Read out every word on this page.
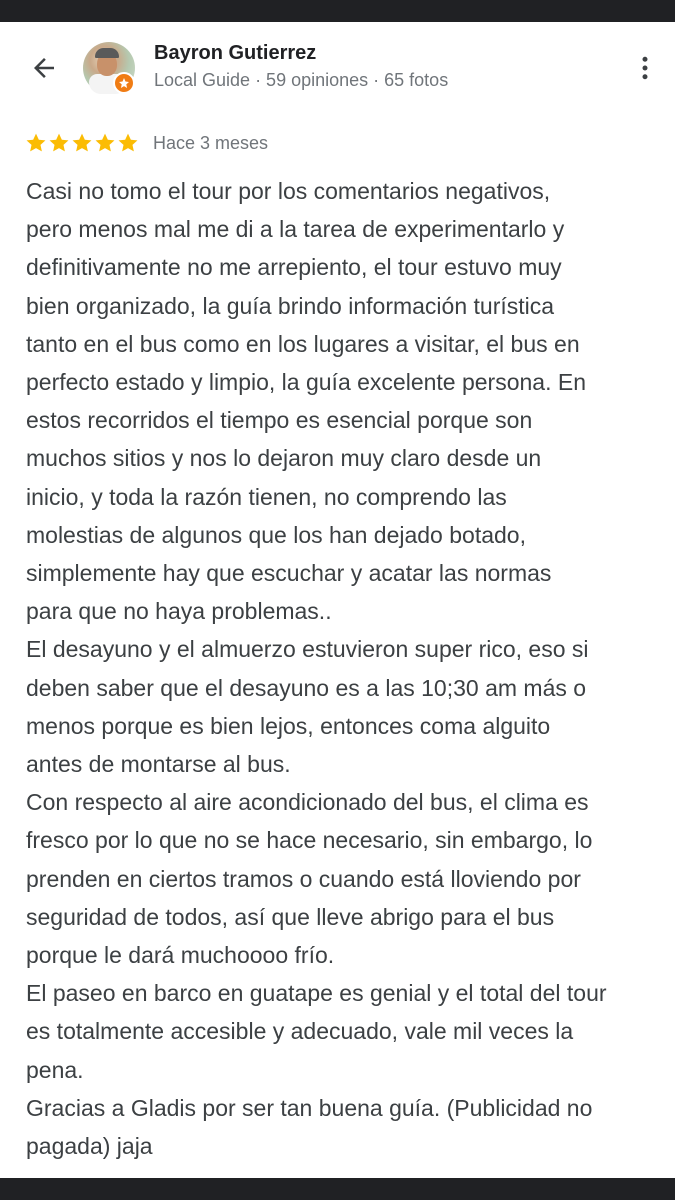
Bayron Gutierrez
Local Guide · 59 opiniones · 65 fotos
Hace 3 meses

Casi no tomo el tour por los comentarios negativos,

pero menos mal me di a la tarea de experimentarlo y

definitivamente no me arrepiento, el tour estuvo muy

bien organizado, la guía brindo información turística

tanto en el bus como en los lugares a visitar, el bus en

perfecto estado y limpio, la guía excelente persona. En

estos recorridos el tiempo es esencial porque son

muchos sitios y nos lo dejaron muy claro desde un

inicio, y toda la razón tienen, no comprendo las

molestias de algunos que los han dejado botado,

simplemente hay que escuchar y acatar las normas

para que no haya problemas..

El desayuno y el almuerzo estuvieron super rico, eso si

deben saber que el desayuno es a las 10;30 am más o

menos porque es bien lejos, entonces coma alguito

antes de montarse al bus.

Con respecto al aire acondicionado del bus, el clima es

fresco por lo que no se hace necesario, sin embargo, lo

prenden en ciertos tramos o cuando está lloviendo por

seguridad de todos, así que lleve abrigo para el bus

porque le dará muchoooo frío.

El paseo en barco en guatape es genial y el total del tour

es totalmente accesible y adecuado, vale mil veces la

pena.

Gracias a Gladis por ser tan buena guía. (Publicidad no

pagada) jaja
